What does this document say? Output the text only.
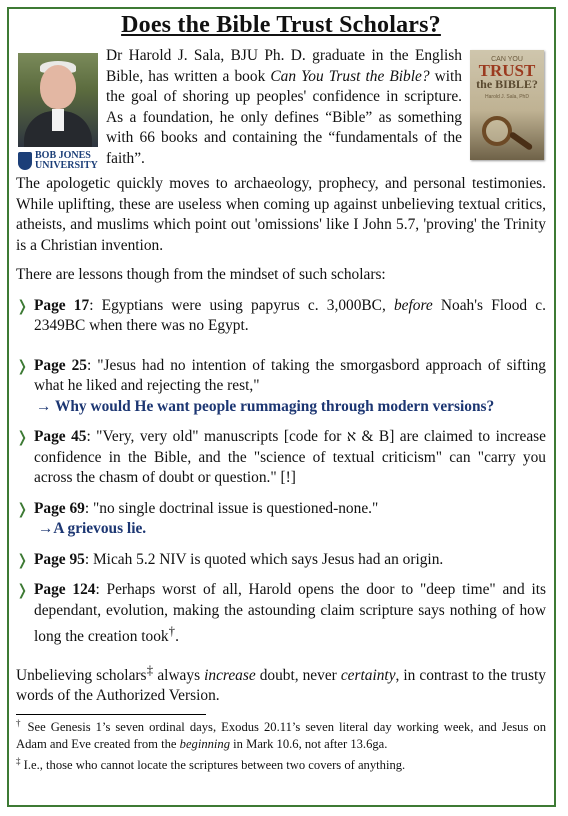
Does the Bible Trust Scholars?
BOB JONES
UNIVERSITY
Dr Harold J. Sala, BJU Ph. D. graduate in the English Bible, has written a book Can You Trust the Bible? with the goal of shoring up peoples' confidence in scripture. As a foundation, he only defines “Bible” as something with 66 books and containing the “fundamentals of the faith”.
CAN YOU
TRUST
the BIBLE?
Harold J. Sala, PhD

The apologetic quickly moves to archaeology, prophecy, and personal testimonies. While uplifting, these are useless when coming up against unbelieving textual critics, atheists, and muslims which point out 'omissions' like I John 5.7, 'proving' the Trinity is a Christian invention.

There are lessons though from the mindset of such scholars:

❭ Page 17: Egyptians were using papyrus c. 3,000BC, before Noah's Flood c. 2349BC when there was no Egypt.
❭ Page 25: "Jesus had no intention of taking the smorgasbord approach of sifting what he liked and rejecting the rest,"
→ Why would He want people rummaging through modern versions?
❭ Page 45: "Very, very old" manuscripts [code for א & B] are claimed to increase confidence in the Bible, and the "science of textual criticism" can "carry you across the chasm of doubt or question." [!]
❭ Page 69: "no single doctrinal issue is questioned-none."
→A grievous lie.
❭ Page 95: Micah 5.2 NIV is quoted which says Jesus had an origin.
❭ Page 124: Perhaps worst of all, Harold opens the door to "deep time" and its dependant, evolution, making the astounding claim scripture says nothing of how long the creation took†.

Unbelieving scholars‡ always increase doubt, never certainty, in contrast to the trusty words of the Authorized Version.

† See Genesis 1’s seven ordinal days, Exodus 20.11’s seven literal day working week, and Jesus on Adam and Eve created from the beginning in Mark 10.6, not after 13.6ga.

‡ I.e., those who cannot locate the scriptures between two covers of anything.
